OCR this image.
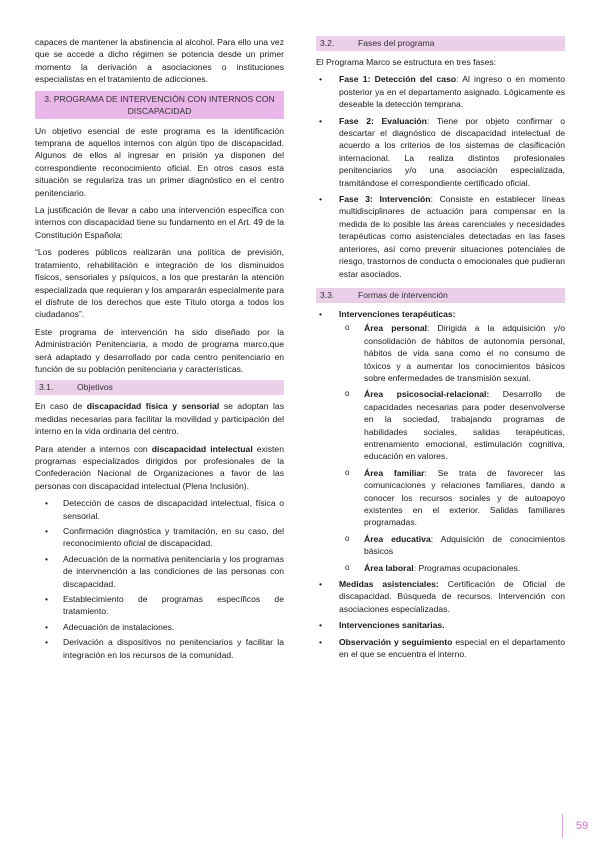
capaces de mantener la abstinencia al alcohol. Para ello una vez que se accede a dicho régimen se potencia desde un primer momento la derivación a asociaciones o instituciones especialistas en el tratamiento de adicciones.

3. PROGRAMA DE INTERVENCIÓN CON INTERNOS CON DISCAPACIDAD

Un objetivo esencial de este programa es la identificación temprana de aquellos internos con algún tipo de discapacidad. Algunos de ellos al ingresar en prisión ya disponen del correspondiente reconocimiento oficial. En otros casos esta situación se regulariza tras un primer diagnóstico en el centro penitenciario.

La justificación de llevar a cabo una intervención específica con internos con discapacidad tiene su fundamento en el Art. 49 de la Constitución Española:

“Los poderes públicos realizarán una política de previsión, tratamiento, rehabilitación e integración de los disminuidos físicos, sensoriales y psíquicos, a los que prestarán la atención especializada que requieran y los ampararán especialmente para el disfrute de los derechos que este Título otorga a todos los ciudadanos”.

Este programa de intervención ha sido diseñado por la Administración Penitenciaria, a modo de programa marco,que será adaptado y desarrollado por cada centro penitenciario en función de su población penitenciaria y características.

3.1.	Objetivos

En caso de discapacidad física y sensorial se adoptan las medidas necesarias para facilitar la movilidad y participación del interno en la vida ordinaria del centro.

Para atender a internos con discapacidad intelectual existen programas especializados dirigidos por profesionales de la Confederación Nacional de Organizaciones a favor de las personas con discapacidad intelectual (Plena Inclusión).

• Detección de casos de discapacidad intelectual, física o sensorial.
• Confirmación diagnóstica y tramitación, en su caso, del reconocimiento oficial de discapacidad.
• Adecuación de la normativa penitenciaria y los programas de intervnención a las condiciones de las personas con discapacidad.
• Establecimiento de programas específicos de tratamiento.
• Adecuación de instalaciones.
• Derivación a dispositivos no penitenciarios y facilitar la integración en los recursos de la comunidad.
3.2.	Fases del programa

El Programa Marco se estructura en tres fases:

• Fase 1: Detección del caso: Al ingreso o en momento posterior ya en el departamento asignado. Lógicamente es deseable la detección temprana.
• Fase 2: Evaluación: Tiene por objeto confirmar o descartar el diagnóstico de discapacidad intelectual de acuerdo a los criterios de los sistemas de clasificación internacional. La realiza distintos profesionales penitenciarios y/o una asociación especializada, tramitándose el correspondiente certificado oficial.
• Fase 3: Intervención: Consiste en establecer líneas multidisciplinares de actuación para compensar en la medida de lo posible las áreas carenciales y necesidades terapéuticas como asistenciales detectadas en las fases anteriores, así como prevenir situaciones potenciales de riesgo, trastornos de conducta o emocionales que pudieran estar asociados.
3.3.	Formas de intervención
• Intervenciones terapéuticas:
o Área personal: Dirigida a la adquisición y/o consolidación de hábitos de autonomía personal, hábitos de vida sana como el no consumo de tóxicos y a aumentar los conocimientos básicos sobre enfermedades de transmisión sexual.
o Área psicosocial-relacional: Desarrollo de capacidades necesarias para poder desenvolverse en la sociedad, trabajando programas de habilidades sociales, salidas terapéuticas, entrenamiento emocional, estimulación cognitiva, educación en valores.
o Área familiar: Se trata de favorecer las comunicaciones y relaciones familiares, dando a conocer los recursos sociales y de autoapoyo existentes en el exterior. Salidas familiares programadas.
o Área educativa: Adquisición de conocimientos básicos
o Área laboral: Programas ocupacionales.
• Medidas asistenciales: Certificación de Oficial de discapacidad. Búsqueda de recursos. Intervención con asociaciones especializadas.
• Intervenciones sanitarias.
• Observación y seguimiento especial en el departamento en el que se encuentra el interno.
59
